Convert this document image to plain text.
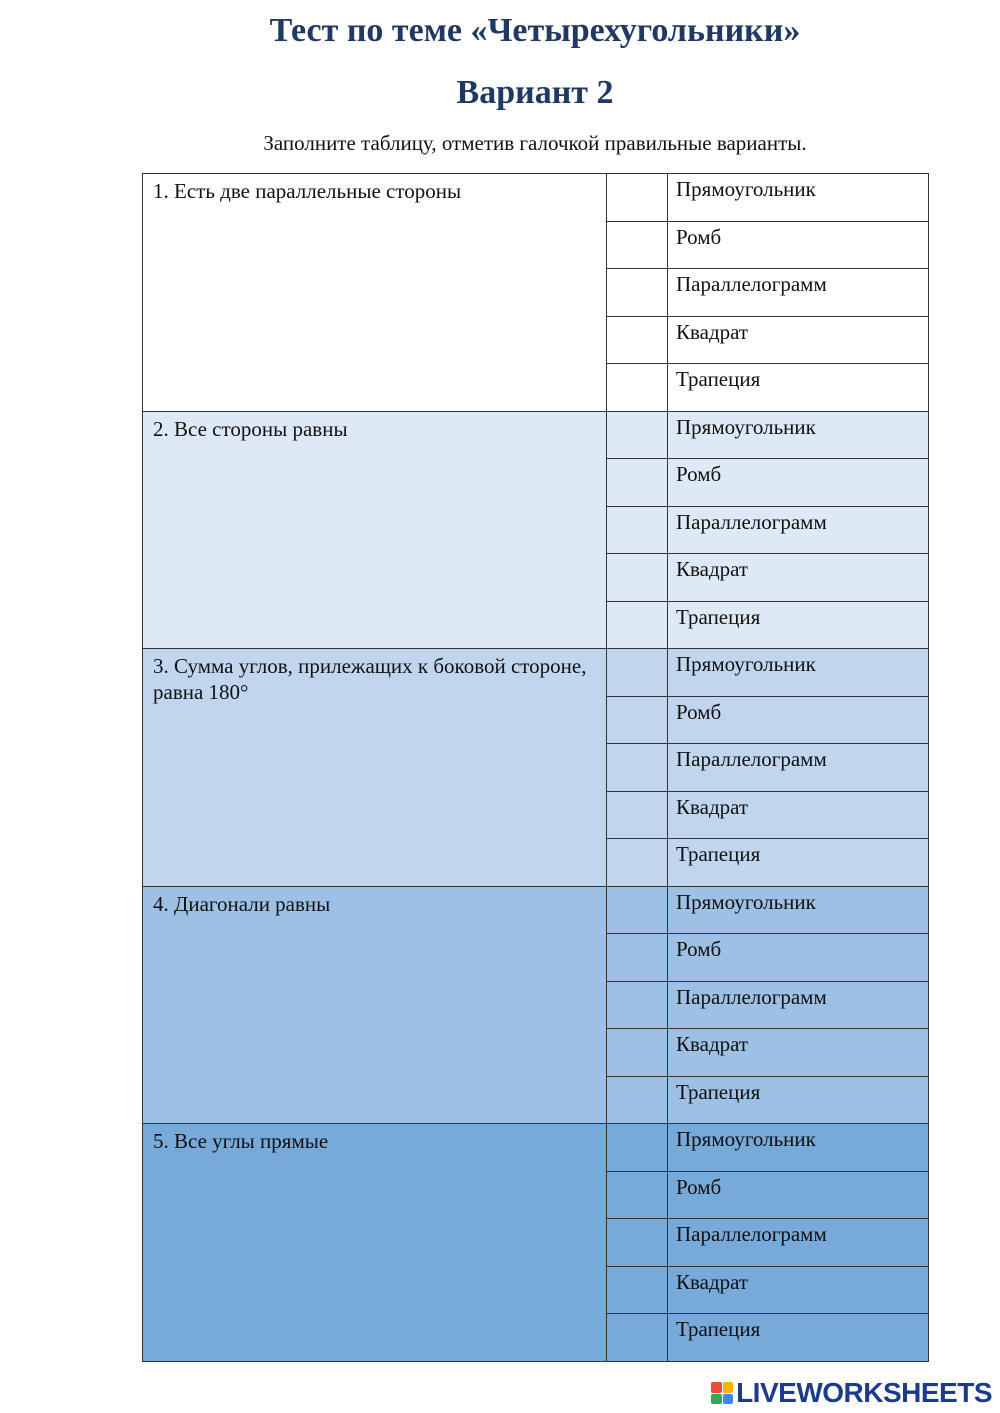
Тест по теме «Четырехугольники»
Вариант 2
Заполните таблицу, отметив галочкой правильные варианты.
1. Есть две параллельные стороны		Прямоугольник
		Ромб
		Параллелограмм
		Квадрат
		Трапеция
2. Все стороны равны		Прямоугольник
		Ромб
		Параллелограмм
		Квадрат
		Трапеция
3. Сумма углов, прилежащих к боковой стороне, равна 180°		Прямоугольник
		Ромб
		Параллелограмм
		Квадрат
		Трапеция
4. Диагонали равны		Прямоугольник
		Ромб
		Параллелограмм
		Квадрат
		Трапеция
5. Все углы прямые		Прямоугольник
		Ромб
		Параллелограмм
		Квадрат
		Трапеция
LIVEWORKSHEETS
